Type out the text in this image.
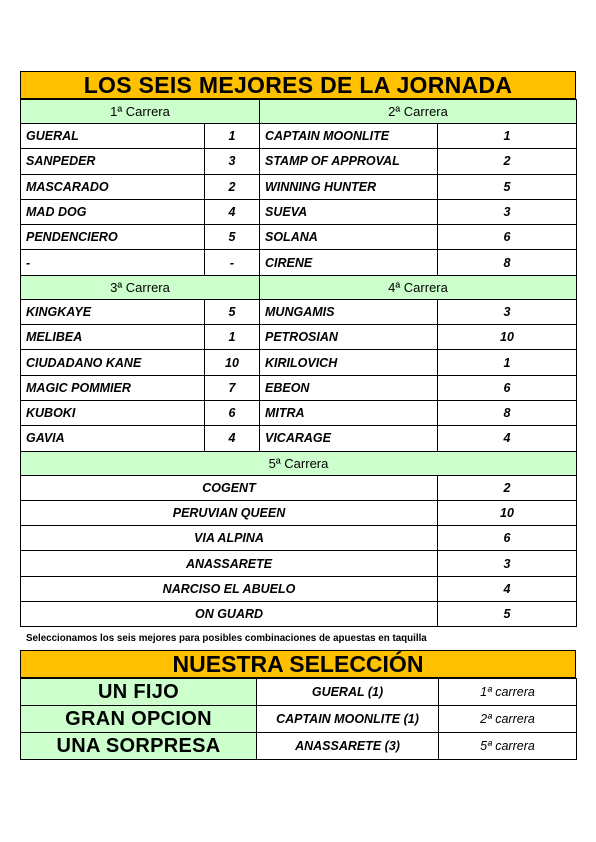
LOS SEIS MEJORES DE LA JORNADA
1ª Carrera		2ª Carrera	
GUERAL	1	CAPTAIN MOONLITE	1
SANPEDER	3	STAMP OF APPROVAL	2
MASCARADO	2	WINNING HUNTER	5
MAD DOG	4	SUEVA	3
PENDENCIERO	5	SOLANA	6
-	-	CIRENE	8
3ª Carrera		4ª Carrera	
KINGKAYE	5	MUNGAMIS	3
MELIBEA	1	PETROSIAN	10
CIUDADANO KANE	10	KIRILOVICH	1
MAGIC POMMIER	7	EBEON	6
KUBOKI	6	MITRA	8
GAVIA	4	VICARAGE	4
5ª Carrera			
COGENT			2
PERUVIAN QUEEN			10
VIA ALPINA			6
ANASSARETE			3
NARCISO EL ABUELO			4
ON GUARD			5
Seleccionamos los seis mejores para posibles combinaciones de apuestas en taquilla
NUESTRA SELECCIÓN
UN FIJO	GUERAL (1)	1ª carrera
GRAN OPCION	CAPTAIN MOONLITE (1)	2ª carrera
UNA SORPRESA	ANASSARETE (3)	5ª carrera
